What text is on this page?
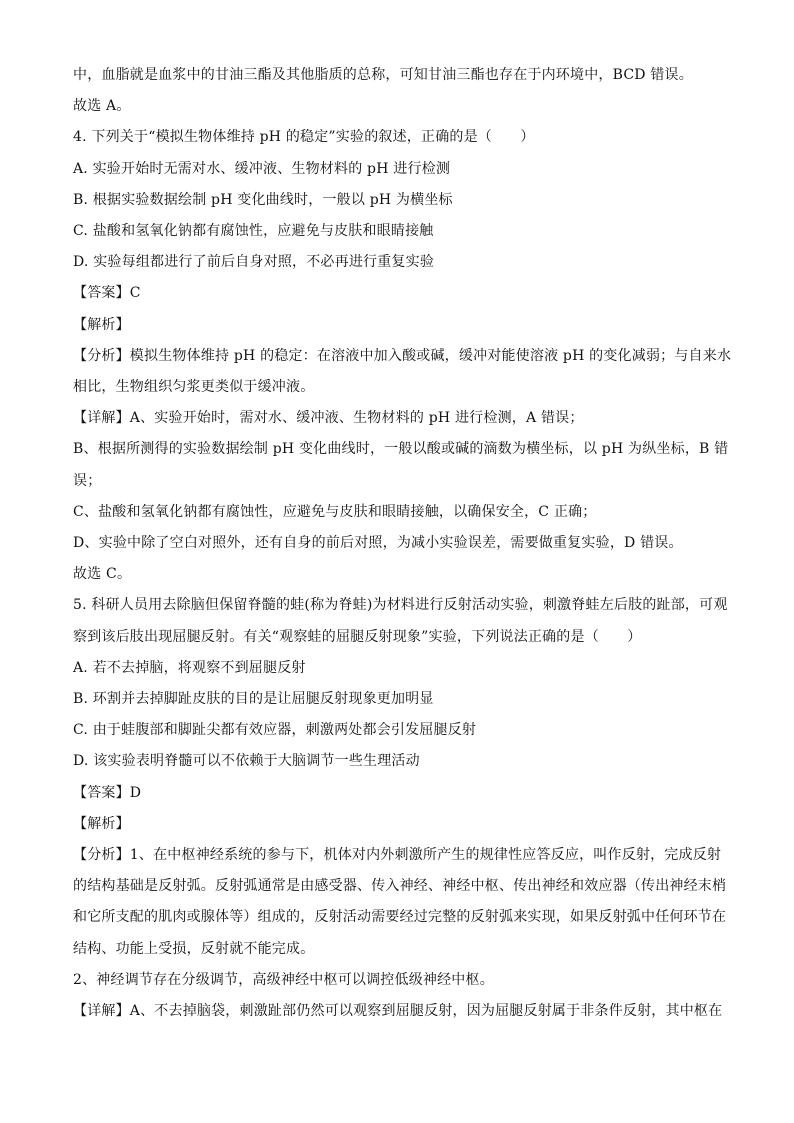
中，血脂就是血浆中的甘油三酯及其他脂质的总称，可知甘油三酯也存在于内环境中，BCD 错误。
故选 A。
4. 下列关于“模拟生物体维持 pH 的稳定”实验的叙述，正确的是（　　）
A. 实验开始时无需对水、缓冲液、生物材料的 pH 进行检测
B. 根据实验数据绘制 pH 变化曲线时，一般以 pH 为横坐标
C. 盐酸和氢氧化钠都有腐蚀性，应避免与皮肤和眼睛接触
D. 实验每组都进行了前后自身对照，不必再进行重复实验
【答案】C
【解析】
【分析】模拟生物体维持 pH 的稳定：在溶液中加入酸或碱，缓冲对能使溶液 pH 的变化减弱；与自来水
相比，生物组织匀浆更类似于缓冲液。
【详解】A、实验开始时，需对水、缓冲液、生物材料的 pH 进行检测，A 错误；
B、根据所测得的实验数据绘制 pH 变化曲线时，一般以酸或碱的滴数为横坐标，以 pH 为纵坐标，B 错
误；
C、盐酸和氢氧化钠都有腐蚀性，应避免与皮肤和眼睛接触，以确保安全，C 正确；
D、实验中除了空白对照外，还有自身的前后对照，为减小实验误差，需要做重复实验，D 错误。
故选 C。
5. 科研人员用去除脑但保留脊髓的蛙(称为脊蛙)为材料进行反射活动实验，刺激脊蛙左后肢的趾部，可观
察到该后肢出现屈腿反射。有关“观察蛙的屈腿反射现象”实验，下列说法正确的是（　　）
A. 若不去掉脑，将观察不到屈腿反射
B. 环割并去掉脚趾皮肤的目的是让屈腿反射现象更加明显
C. 由于蛙腹部和脚趾尖都有效应器，刺激两处都会引发屈腿反射
D. 该实验表明脊髓可以不依赖于大脑调节一些生理活动
【答案】D
【解析】
【分析】1、在中枢神经系统的参与下，机体对内外刺激所产生的规律性应答反应，叫作反射，完成反射
的结构基础是反射弧。反射弧通常是由感受器、传入神经、神经中枢、传出神经和效应器（传出神经末梢
和它所支配的肌肉或腺体等）组成的，反射活动需要经过完整的反射弧来实现，如果反射弧中任何环节在
结构、功能上受损，反射就不能完成。
2、神经调节存在分级调节，高级神经中枢可以调控低级神经中枢。
【详解】A、不去掉脑袋，刺激趾部仍然可以观察到屈腿反射，因为屈腿反射属于非条件反射，其中枢在
